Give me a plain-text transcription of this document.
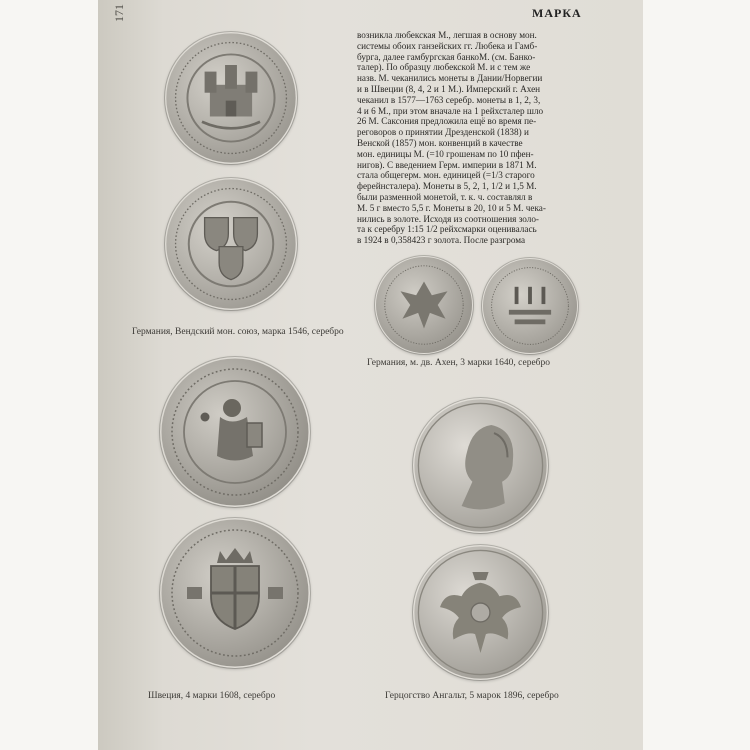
171	МАРКА
возникла любекская М., легшая в основу мон.
системы обоих ганзейских гг. Любека и Гамб-
бурга, далее гамбургская банкоМ. (см. Банко-
талер). По образцу любекской М. и с тем же
назв. М. чеканились монеты в Дании/Норвегии
и в Швеции (8, 4, 2 и 1 М.). Имперский г. Ахен
чеканил в 1577—1763 серебр. монеты в 1, 2, 3,
4 и 6 М., при этом вначале на 1 рейхсталер шло
26 М. Саксония предложила ещё во время пе-
реговоров о принятии Дрезденской (1838) и
Венской (1857) мон. конвенций в качестве
мон. единицы М. (=10 грошенам по 10 пфен-
нигов). С введением Герм. империи в 1871 М.
стала общегерм. мон. единицей (=1/3 старого
ферейнсталера). Монеты в 5, 2, 1, 1/2 и 1,5 М.
были разменной монетой, т. к. ч. составлял в
М. 5 г вместо 5,5 г. Монеты в 20, 10 и 5 М. чека-
нились в золоте. Исходя из соотношения золо-
та к серебру 1:15 1/2 рейхсмарки оценивалась
в 1924 в 0,358423 г золота. После разгрома
Германия, Вендский мон. союз, марка 1546, серебро
Германия, м. дв. Ахен, 3 марки 1640, серебро
Швеция, 4 марки 1608, серебро	Герцогство Ангальт, 5 марок 1896, серебро
